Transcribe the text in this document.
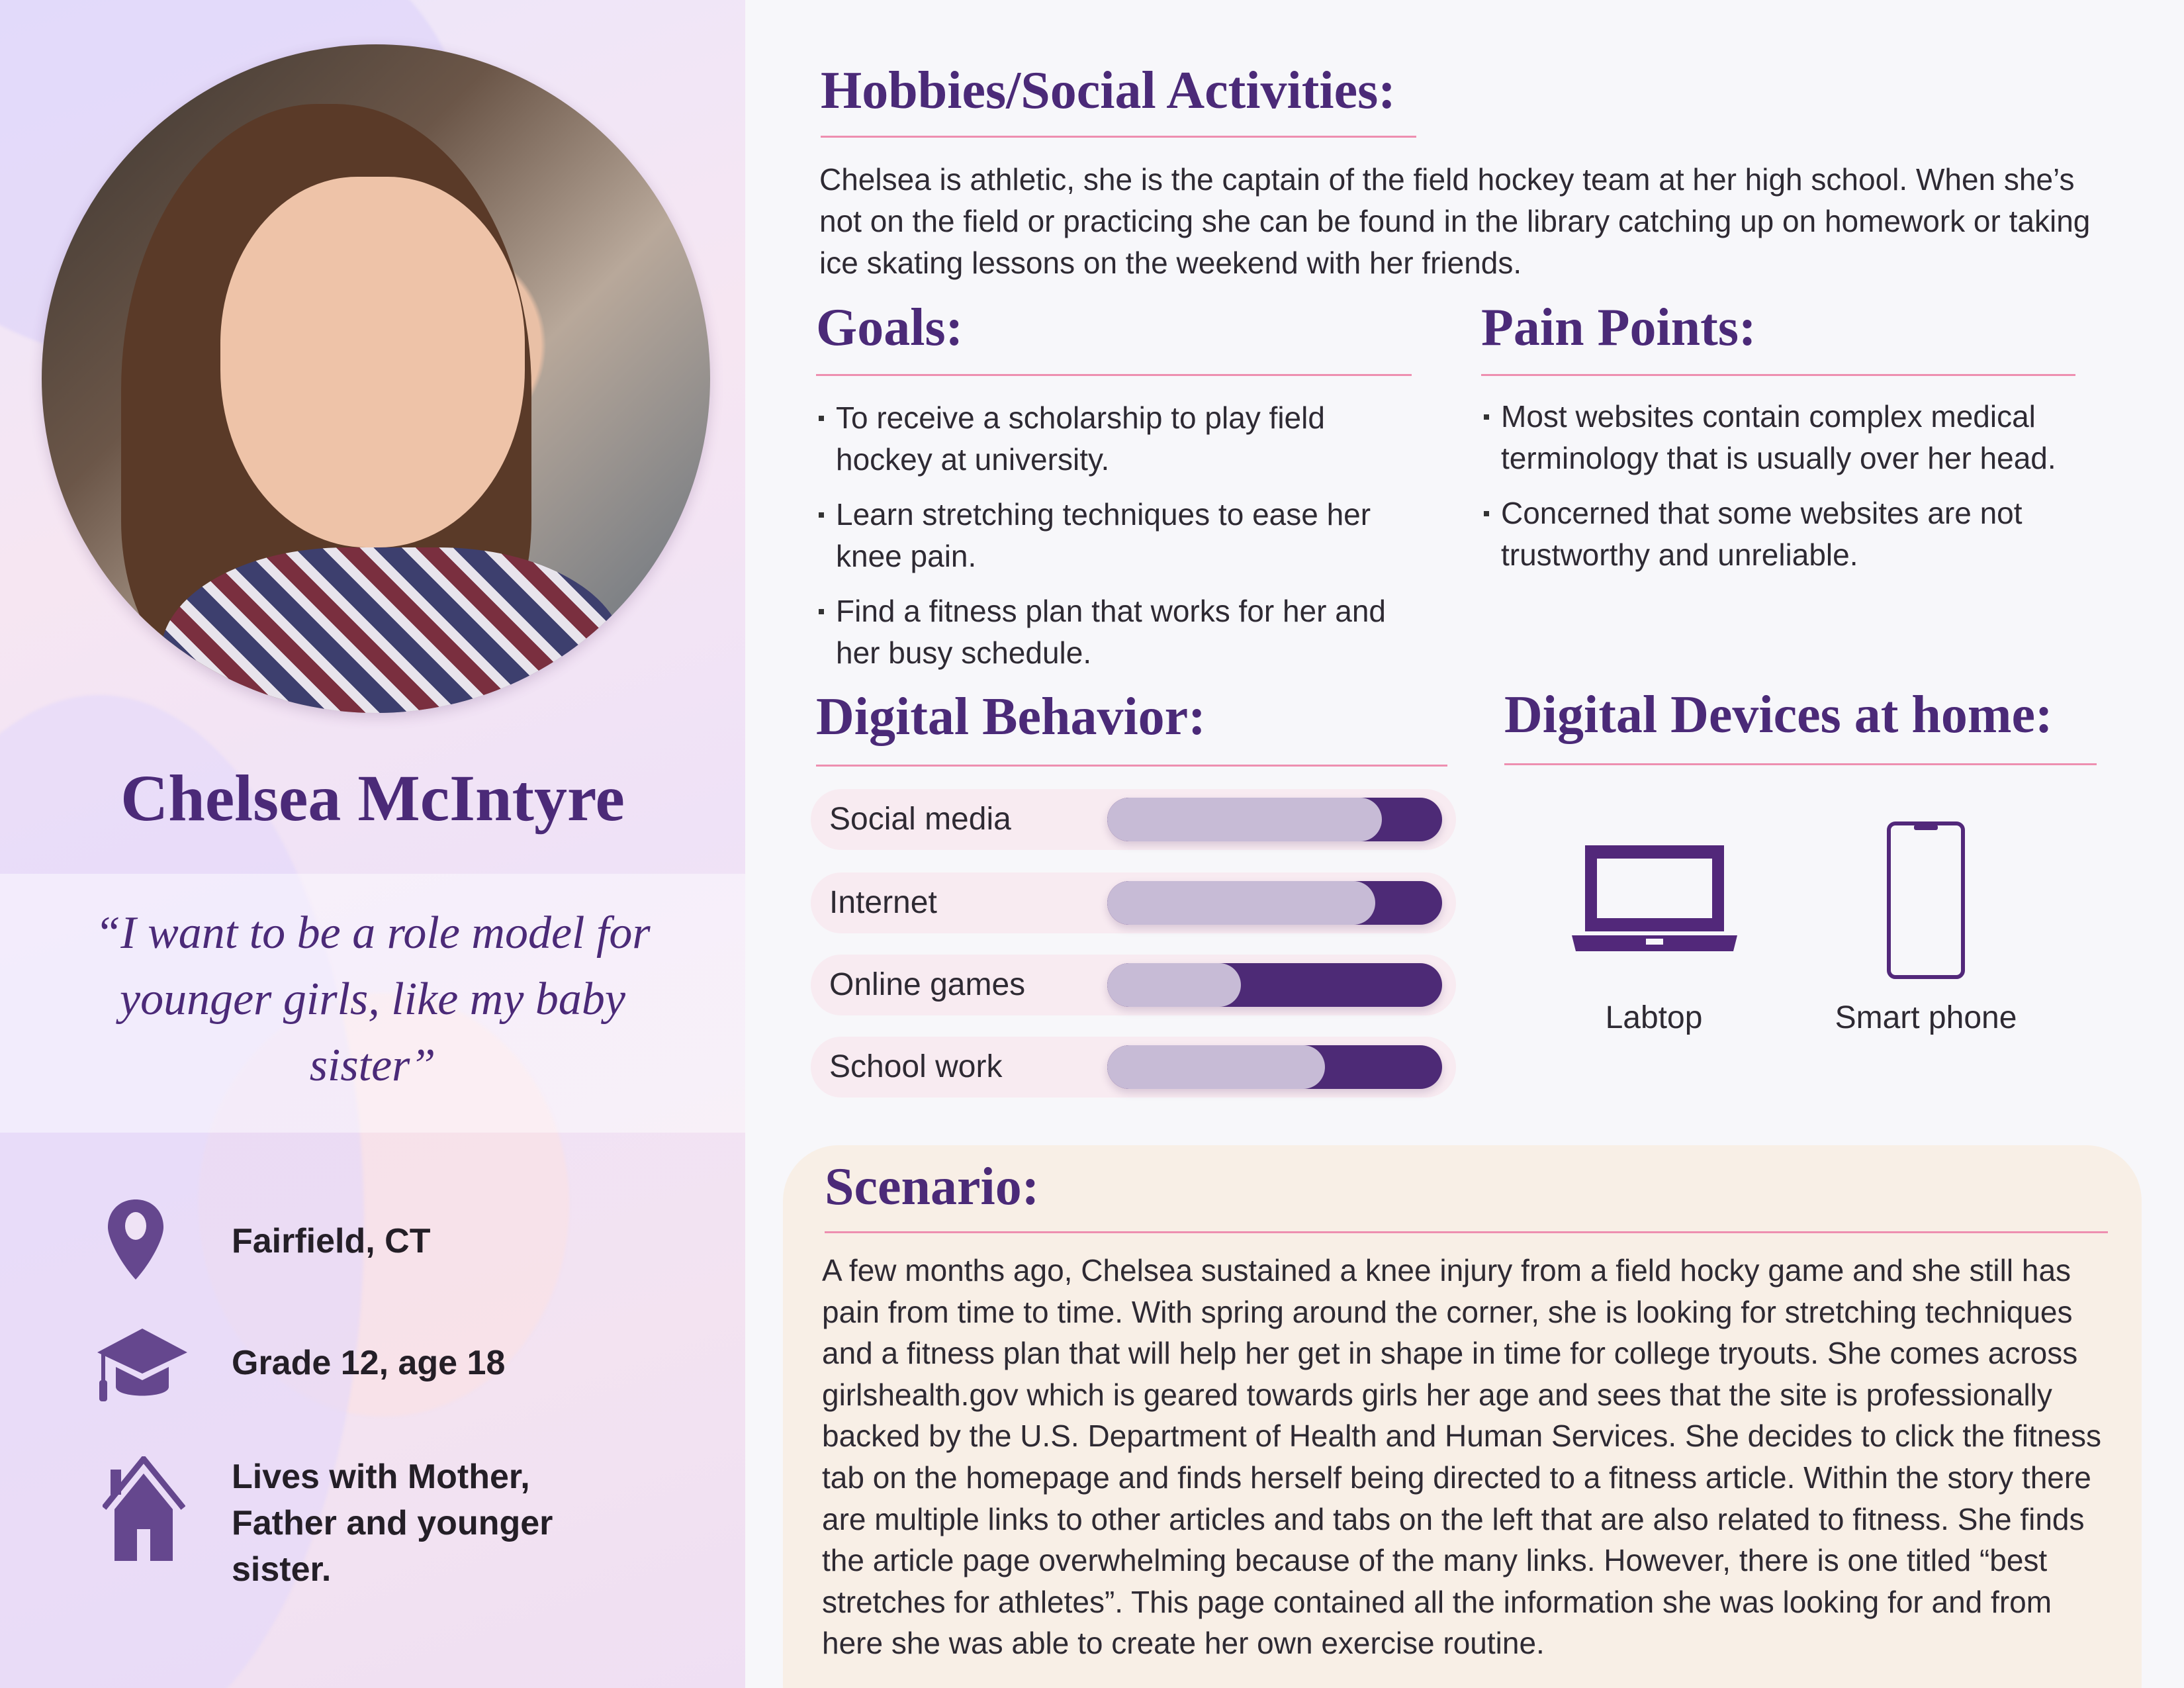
Chelsea McIntyre
“I want to be a role model for younger girls, like my baby sister”
Fairfield, CT
Grade 12, age 18
Lives with Mother, Father and younger sister.
Hobbies/Social Activities:
Chelsea is athletic, she is the captain of the field hockey team at her high school. When she’s not on the field or practicing she can be found in the library catching up on homework or taking ice skating lessons on the weekend with her friends.
Goals:
To receive a scholarship to play field hockey at university.
Learn stretching techniques to ease her knee pain.
Find a fitness plan that works for her and her busy schedule.
Pain Points:
Most websites contain complex medical terminology that is usually over her head.
Concerned that some websites are not trustworthy and unreliable.
Digital Behavior:
Social media
Internet
Online games
School work
Digital Devices at home:
Labtop	Smart phone
Scenario:
A few months ago, Chelsea sustained a knee injury from a field hocky game and she still has pain from time to time. With spring around the corner, she is looking for stretching techniques and a fitness plan that will help her get in shape in time for college tryouts. She comes across girlshealth.gov which is geared towards girls her age and sees that the site is professionally backed by the U.S. Department of Health and Human Services. She decides to click the fitness tab on the homepage and finds herself being directed to a fitness article. Within the story there are multiple links to other articles and tabs on the left that are also related to fitness. She finds the article page overwhelming because of the many links. However, there is one titled “best stretches for athletes”. This page contained all the information she was looking for and from here she was able to create her own exercise routine.
